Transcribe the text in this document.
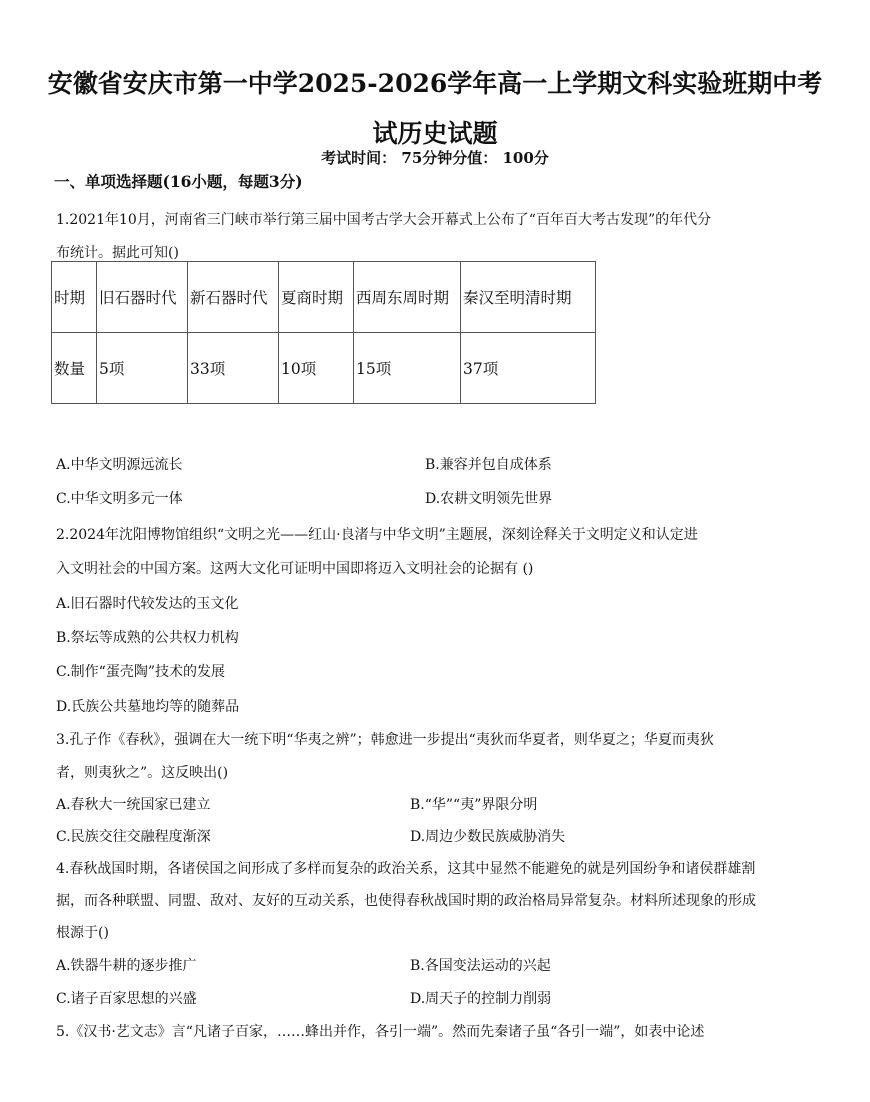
安徽省安庆市第一中学2025-2026学年高一上学期文科实验班期中考
试历史试题
考试时间： 75分钟分值： 100分
一、单项选择题(16小题，每题3分)
1.2021年10月，河南省三门峡市举行第三届中国考古学大会开幕式上公布了“百年百大考古发现”的年代分
布统计。据此可知()
时期	旧石器时代	新石器时代	夏商时期	西周东周时期	秦汉至明清时期
数量	5项	33项	10项	15项	37项
A.中华文明源远流长	B.兼容并包自成体系
C.中华文明多元一体	D.农耕文明领先世界
2.2024年沈阳博物馆组织“文明之光——红山·良渚与中华文明”主题展，深刻诠释关于文明定义和认定进
入文明社会的中国方案。这两大文化可证明中国即将迈入文明社会的论据有 ()
A.旧石器时代较发达的玉文化
B.祭坛等成熟的公共权力机构
C.制作“蛋壳陶”技术的发展
D.氏族公共墓地均等的随葬品
3.孔子作《春秋》，强调在大一统下明“华夷之辨”；韩愈进一步提出“夷狄而华夏者，则华夏之；华夏而夷狄
者，则夷狄之”。这反映出()
A.春秋大一统国家已建立	B.“华”“夷”界限分明
C.民族交往交融程度渐深	D.周边少数民族威胁消失
4.春秋战国时期，各诸侯国之间形成了多样而复杂的政治关系，这其中显然不能避免的就是列国纷争和诸侯群雄割
据，而各种联盟、同盟、敌对、友好的互动关系，也使得春秋战国时期的政治格局异常复杂。材料所述现象的形成
根源于()
A.铁器牛耕的逐步推广	B.各国变法运动的兴起
C.诸子百家思想的兴盛	D.周天子的控制力削弱
5.《汉书·艺文志》言“凡诸子百家，……蜂出并作，各引一端”。然而先秦诸子虽“各引一端”，如表中论述
